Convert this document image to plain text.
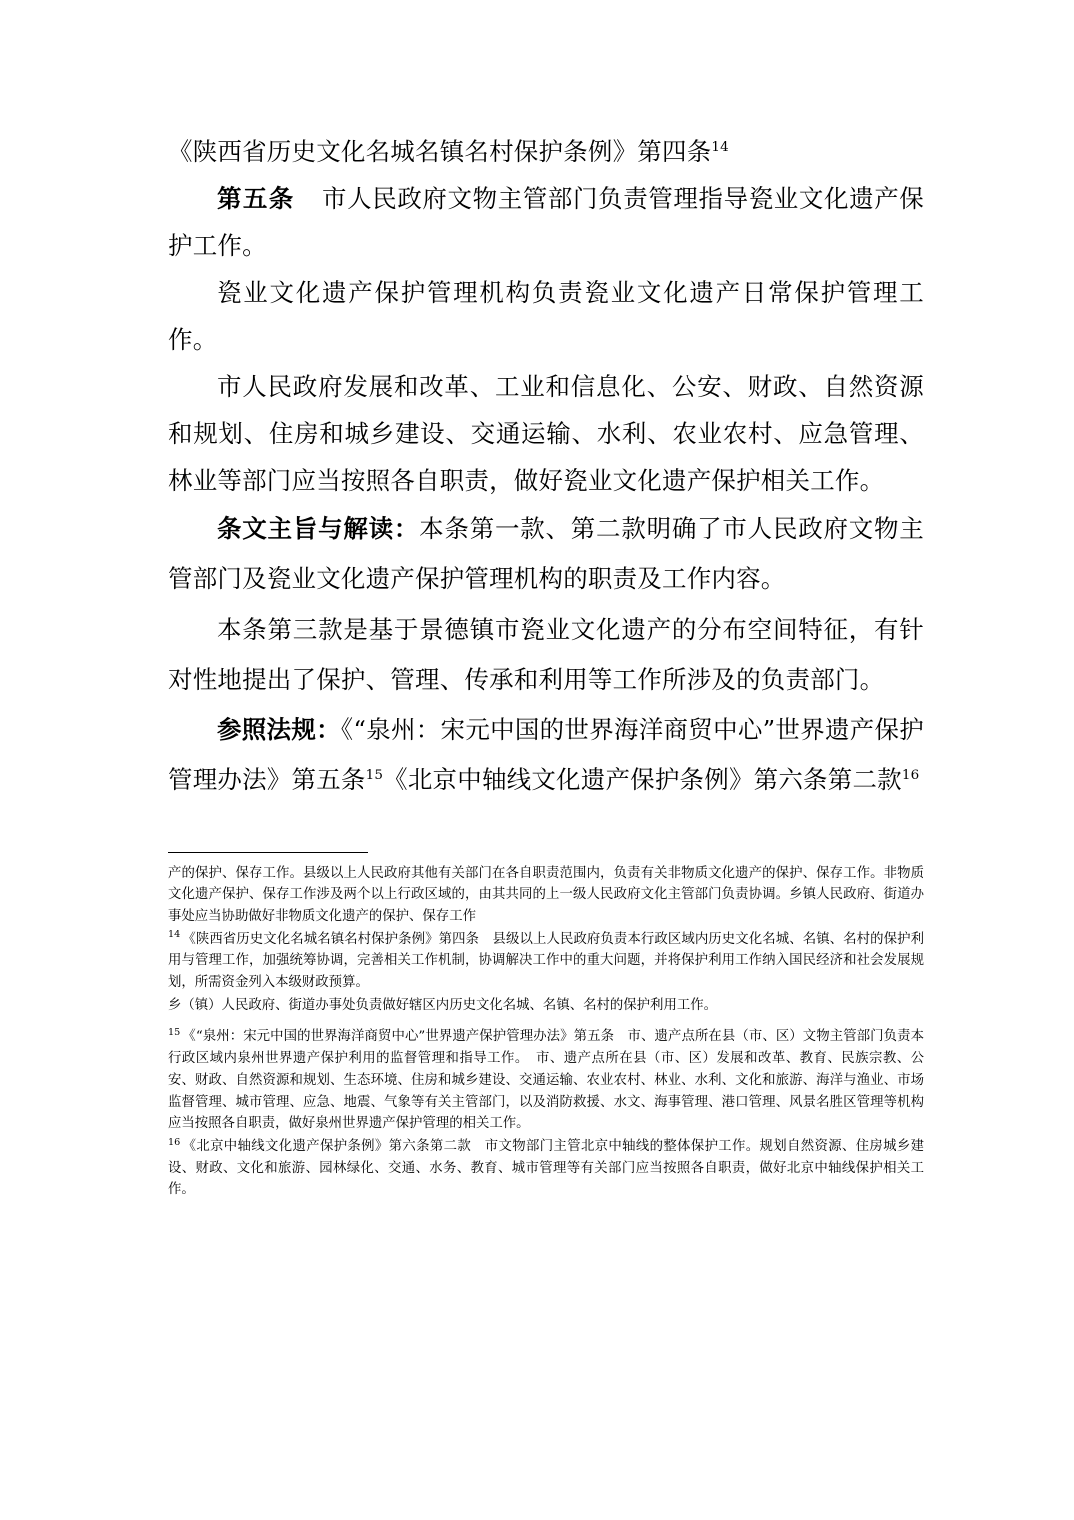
《陕西省历史文化名城名镇名村保护条例》第四条$^{14}$

第五条 市人民政府文物主管部门负责管理指导瓷业文化遗产保护工作。

瓷业文化遗产保护管理机构负责瓷业文化遗产日常保护管理工作。

市人民政府发展和改革、工业和信息化、公安、财政、自然资源和规划、住房和城乡建设、交通运输、水利、农业农村、应急管理、林业等部门应当按照各自职责，做好瓷业文化遗产保护相关工作。

条文主旨与解读：本条第一款、第二款明确了市人民政府文物主管部门及瓷业文化遗产保护管理机构的职责及工作内容。

本条第三款是基于景德镇市瓷业文化遗产的分布空间特征，有针对性地提出了保护、管理、传承和利用等工作所涉及的负责部门。

参照法规：《“泉州：宋元中国的世界海洋商贸中心”世界遗产保护管理办法》第五条$^{15}$《北京中轴线文化遗产保护条例》第六条第二款$^{16}$

产的保护、保存工作。县级以上人民政府其他有关部门在各自职责范围内，负责有关非物质文化遗产的保护、保存工作。非物质文化遗产保护、保存工作涉及两个以上行政区域的，由其共同的上一级人民政府文化主管部门负责协调。乡镇人民政府、街道办事处应当协助做好非物质文化遗产的保护、保存工作

$^{14}$ 《陕西省历史文化名城名镇名村保护条例》第四条　县级以上人民政府负责本行政区域内历史文化名城、名镇、名村的保护利用与管理工作，加强统筹协调，完善相关工作机制，协调解决工作中的重大问题，并将保护利用工作纳入国民经济和社会发展规划，所需资金列入本级财政预算。

乡（镇）人民政府、街道办事处负责做好辖区内历史文化名城、名镇、名村的保护利用工作。

$^{15}$ 《“泉州：宋元中国的世界海洋商贸中心”世界遗产保护管理办法》第五条　市、遗产点所在县（市、区）文物主管部门负责本行政区域内泉州世界遗产保护利用的监督管理和指导工作。　市、遗产点所在县（市、区）发展和改革、教育、民族宗教、公安、财政、自然资源和规划、生态环境、住房和城乡建设、交通运输、农业农村、林业、水利、文化和旅游、海洋与渔业、市场监督管理、城市管理、应急、地震、气象等有关主管部门，以及消防救援、水文、海事管理、港口管理、风景名胜区管理等机构应当按照各自职责，做好泉州世界遗产保护管理的相关工作。

$^{16}$ 《北京中轴线文化遗产保护条例》第六条第二款　市文物部门主管北京中轴线的整体保护工作。规划自然资源、住房城乡建设、财政、文化和旅游、园林绿化、交通、水务、教育、城市管理等有关部门应当按照各自职责，做好北京中轴线保护相关工作。
